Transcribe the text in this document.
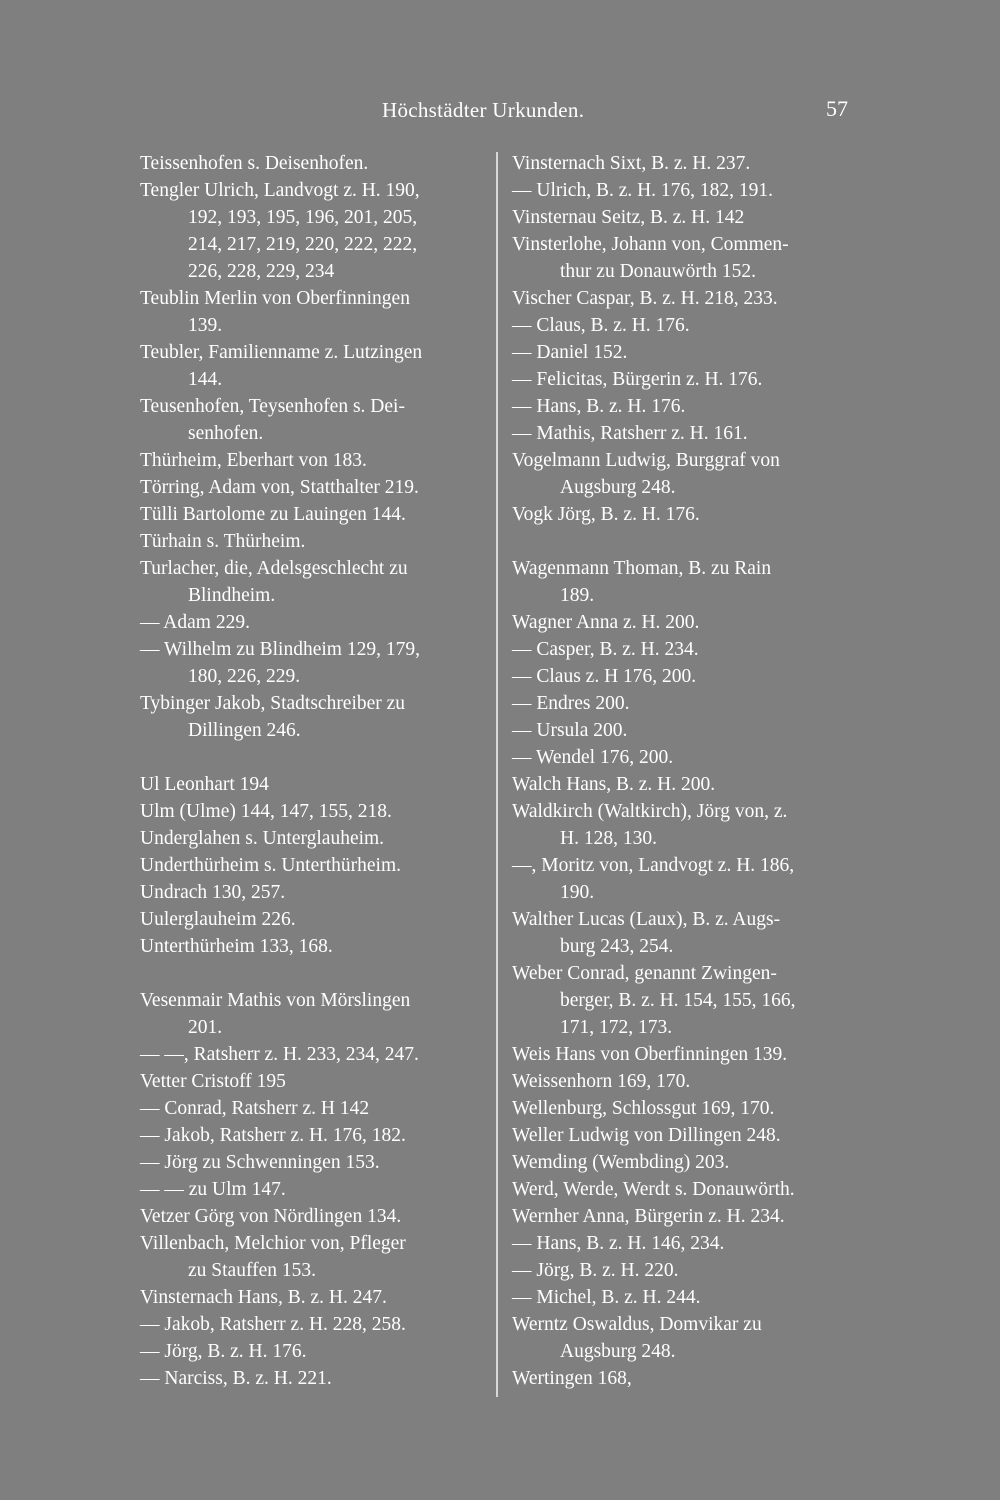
Höchstädter Urkunden.	57
Teissenhofen s. Deisenhofen.
Tengler Ulrich, Landvogt z. H. 190,
192, 193, 195, 196, 201, 205,
214, 217, 219, 220, 222, 222,
226, 228, 229, 234
Teublin Merlin von Oberfinningen
139.
Teubler, Familienname z. Lutzingen
144.
Teusenhofen, Teysenhofen s. Dei-
senhofen.
Thürheim, Eberhart von 183.
Törring, Adam von, Statthalter 219.
Tülli Bartolome zu Lauingen 144.
Türhain s. Thürheim.
Turlacher, die, Adelsgeschlecht zu
Blindheim.
— Adam 229.
— Wilhelm zu Blindheim 129, 179,
180, 226, 229.
Tybinger Jakob, Stadtschreiber zu
Dillingen 246.
Ul Leonhart 194
Ulm (Ulme) 144, 147, 155, 218.
Underglahen s. Unterglauheim.
Underthürheim s. Unterthürheim.
Undrach 130, 257.
Uulerglauheim 226.
Unterthürheim 133, 168.
Vesenmair Mathis von Mörslingen
201.
— —, Ratsherr z. H. 233, 234, 247.
Vetter Cristoff 195
— Conrad, Ratsherr z. H 142
— Jakob, Ratsherr z. H. 176, 182.
— Jörg zu Schwenningen 153.
— — zu Ulm 147.
Vetzer Görg von Nördlingen 134.
Villenbach, Melchior von, Pfleger
zu Stauffen 153.
Vinsternach Hans, B. z. H. 247.
— Jakob, Ratsherr z. H. 228, 258.
— Jörg, B. z. H. 176.
— Narciss, B. z. H. 221.
Vinsternach Sixt, B. z. H. 237.
— Ulrich, B. z. H. 176, 182, 191.
Vinsternau Seitz, B. z. H. 142
Vinsterlohe, Johann von, Commen-
thur zu Donauwörth 152.
Vischer Caspar, B. z. H. 218, 233.
— Claus, B. z. H. 176.
— Daniel 152.
— Felicitas, Bürgerin z. H. 176.
— Hans, B. z. H. 176.
— Mathis, Ratsherr z. H. 161.
Vogelmann Ludwig, Burggraf von
Augsburg 248.
Vogk Jörg, B. z. H. 176.
Wagenmann Thoman, B. zu Rain
189.
Wagner Anna z. H. 200.
— Casper, B. z. H. 234.
— Claus z. H 176, 200.
— Endres 200.
— Ursula 200.
— Wendel 176, 200.
Walch Hans, B. z. H. 200.
Waldkirch (Waltkirch), Jörg von, z.
H. 128, 130.
—, Moritz von, Landvogt z. H. 186,
190.
Walther Lucas (Laux), B. z. Augs-
burg 243, 254.
Weber Conrad, genannt Zwingen-
berger, B. z. H. 154, 155, 166,
171, 172, 173.
Weis Hans von Oberfinningen 139.
Weissenhorn 169, 170.
Wellenburg, Schlossgut 169, 170.
Weller Ludwig von Dillingen 248.
Wemding (Wembding) 203.
Werd, Werde, Werdt s. Donauwörth.
Wernher Anna, Bürgerin z. H. 234.
— Hans, B. z. H. 146, 234.
— Jörg, B. z. H. 220.
— Michel, B. z. H. 244.
Werntz Oswaldus, Domvikar zu
Augsburg 248.
Wertingen 168,
